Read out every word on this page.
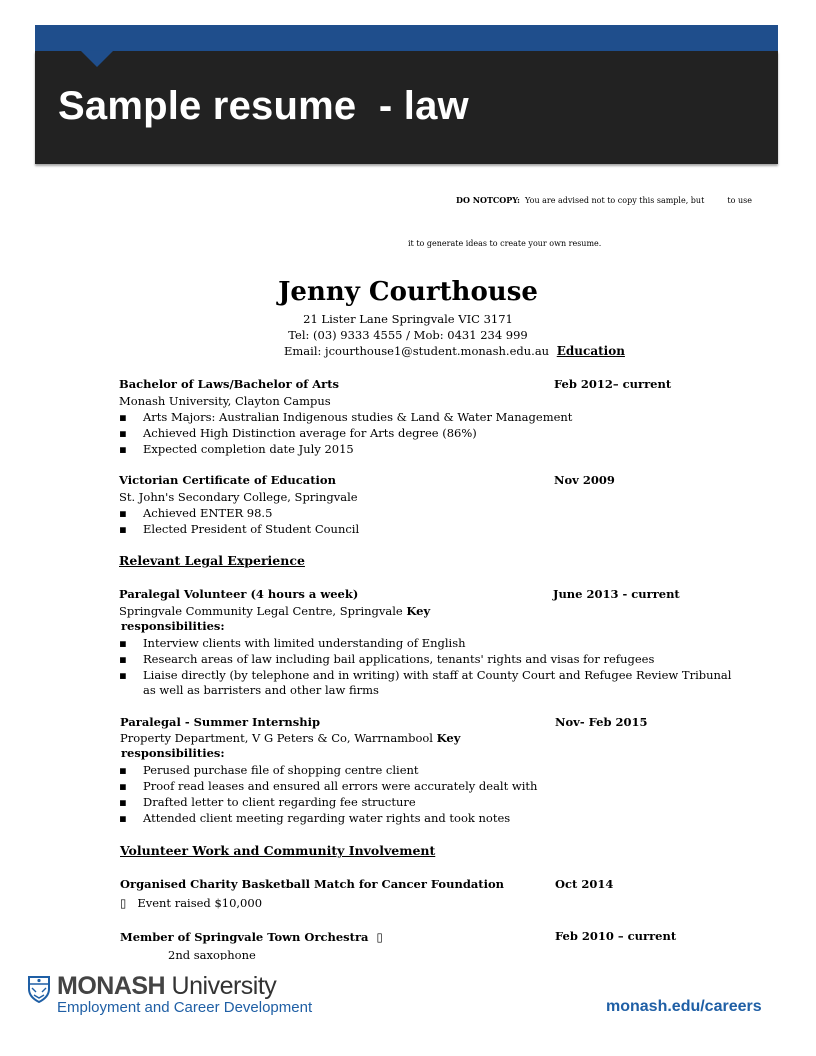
Sample resume  - law
DO NOTCOPY: You are advised not to copy this sample, but	to use
it to generate ideas to create your own resume.
Jenny Courthouse
21 Lister Lane Springvale VIC 3171
Tel: (03) 9333 4555 / Mob: 0431 234 999
Email: jcourthouse1@student.monash.edu.au Education
Bachelor of Laws/Bachelor of Arts	Feb 2012– current
Monash University, Clayton Campus
▪ Arts Majors: Australian Indigenous studies & Land & Water Management
▪ Achieved High Distinction average for Arts degree (86%)
▪ Expected completion date July 2015
Victorian Certificate of Education	Nov 2009
St. John's Secondary College, Springvale
▪ Achieved ENTER 98.5
▪ Elected President of Student Council
Relevant Legal Experience
Paralegal Volunteer (4 hours a week)	June 2013 - current
Springvale Community Legal Centre, Springvale Key
responsibilities:
▪ Interview clients with limited understanding of English
▪ Research areas of law including bail applications, tenants' rights and visas for refugees
▪ Liaise directly (by telephone and in writing) with staff at County Court and Refugee Review Tribunal
as well as barristers and other law firms
Paralegal - Summer Internship	Nov- Feb 2015
Property Department, V G Peters & Co, Warrnambool Key
responsibilities:
▪ Perused purchase file of shopping centre client
▪ Proof read leases and ensured all errors were accurately dealt with
▪ Drafted letter to client regarding fee structure
▪ Attended client meeting regarding water rights and took notes
Volunteer Work and Community Involvement
Organised Charity Basketball Match for Cancer Foundation	Oct 2014
▯ Event raised $10,000
Member of Springvale Town Orchestra ▯	Feb 2010 – current
2nd saxophone
MONASH University
Employment and Career Development	monash.edu/careers
